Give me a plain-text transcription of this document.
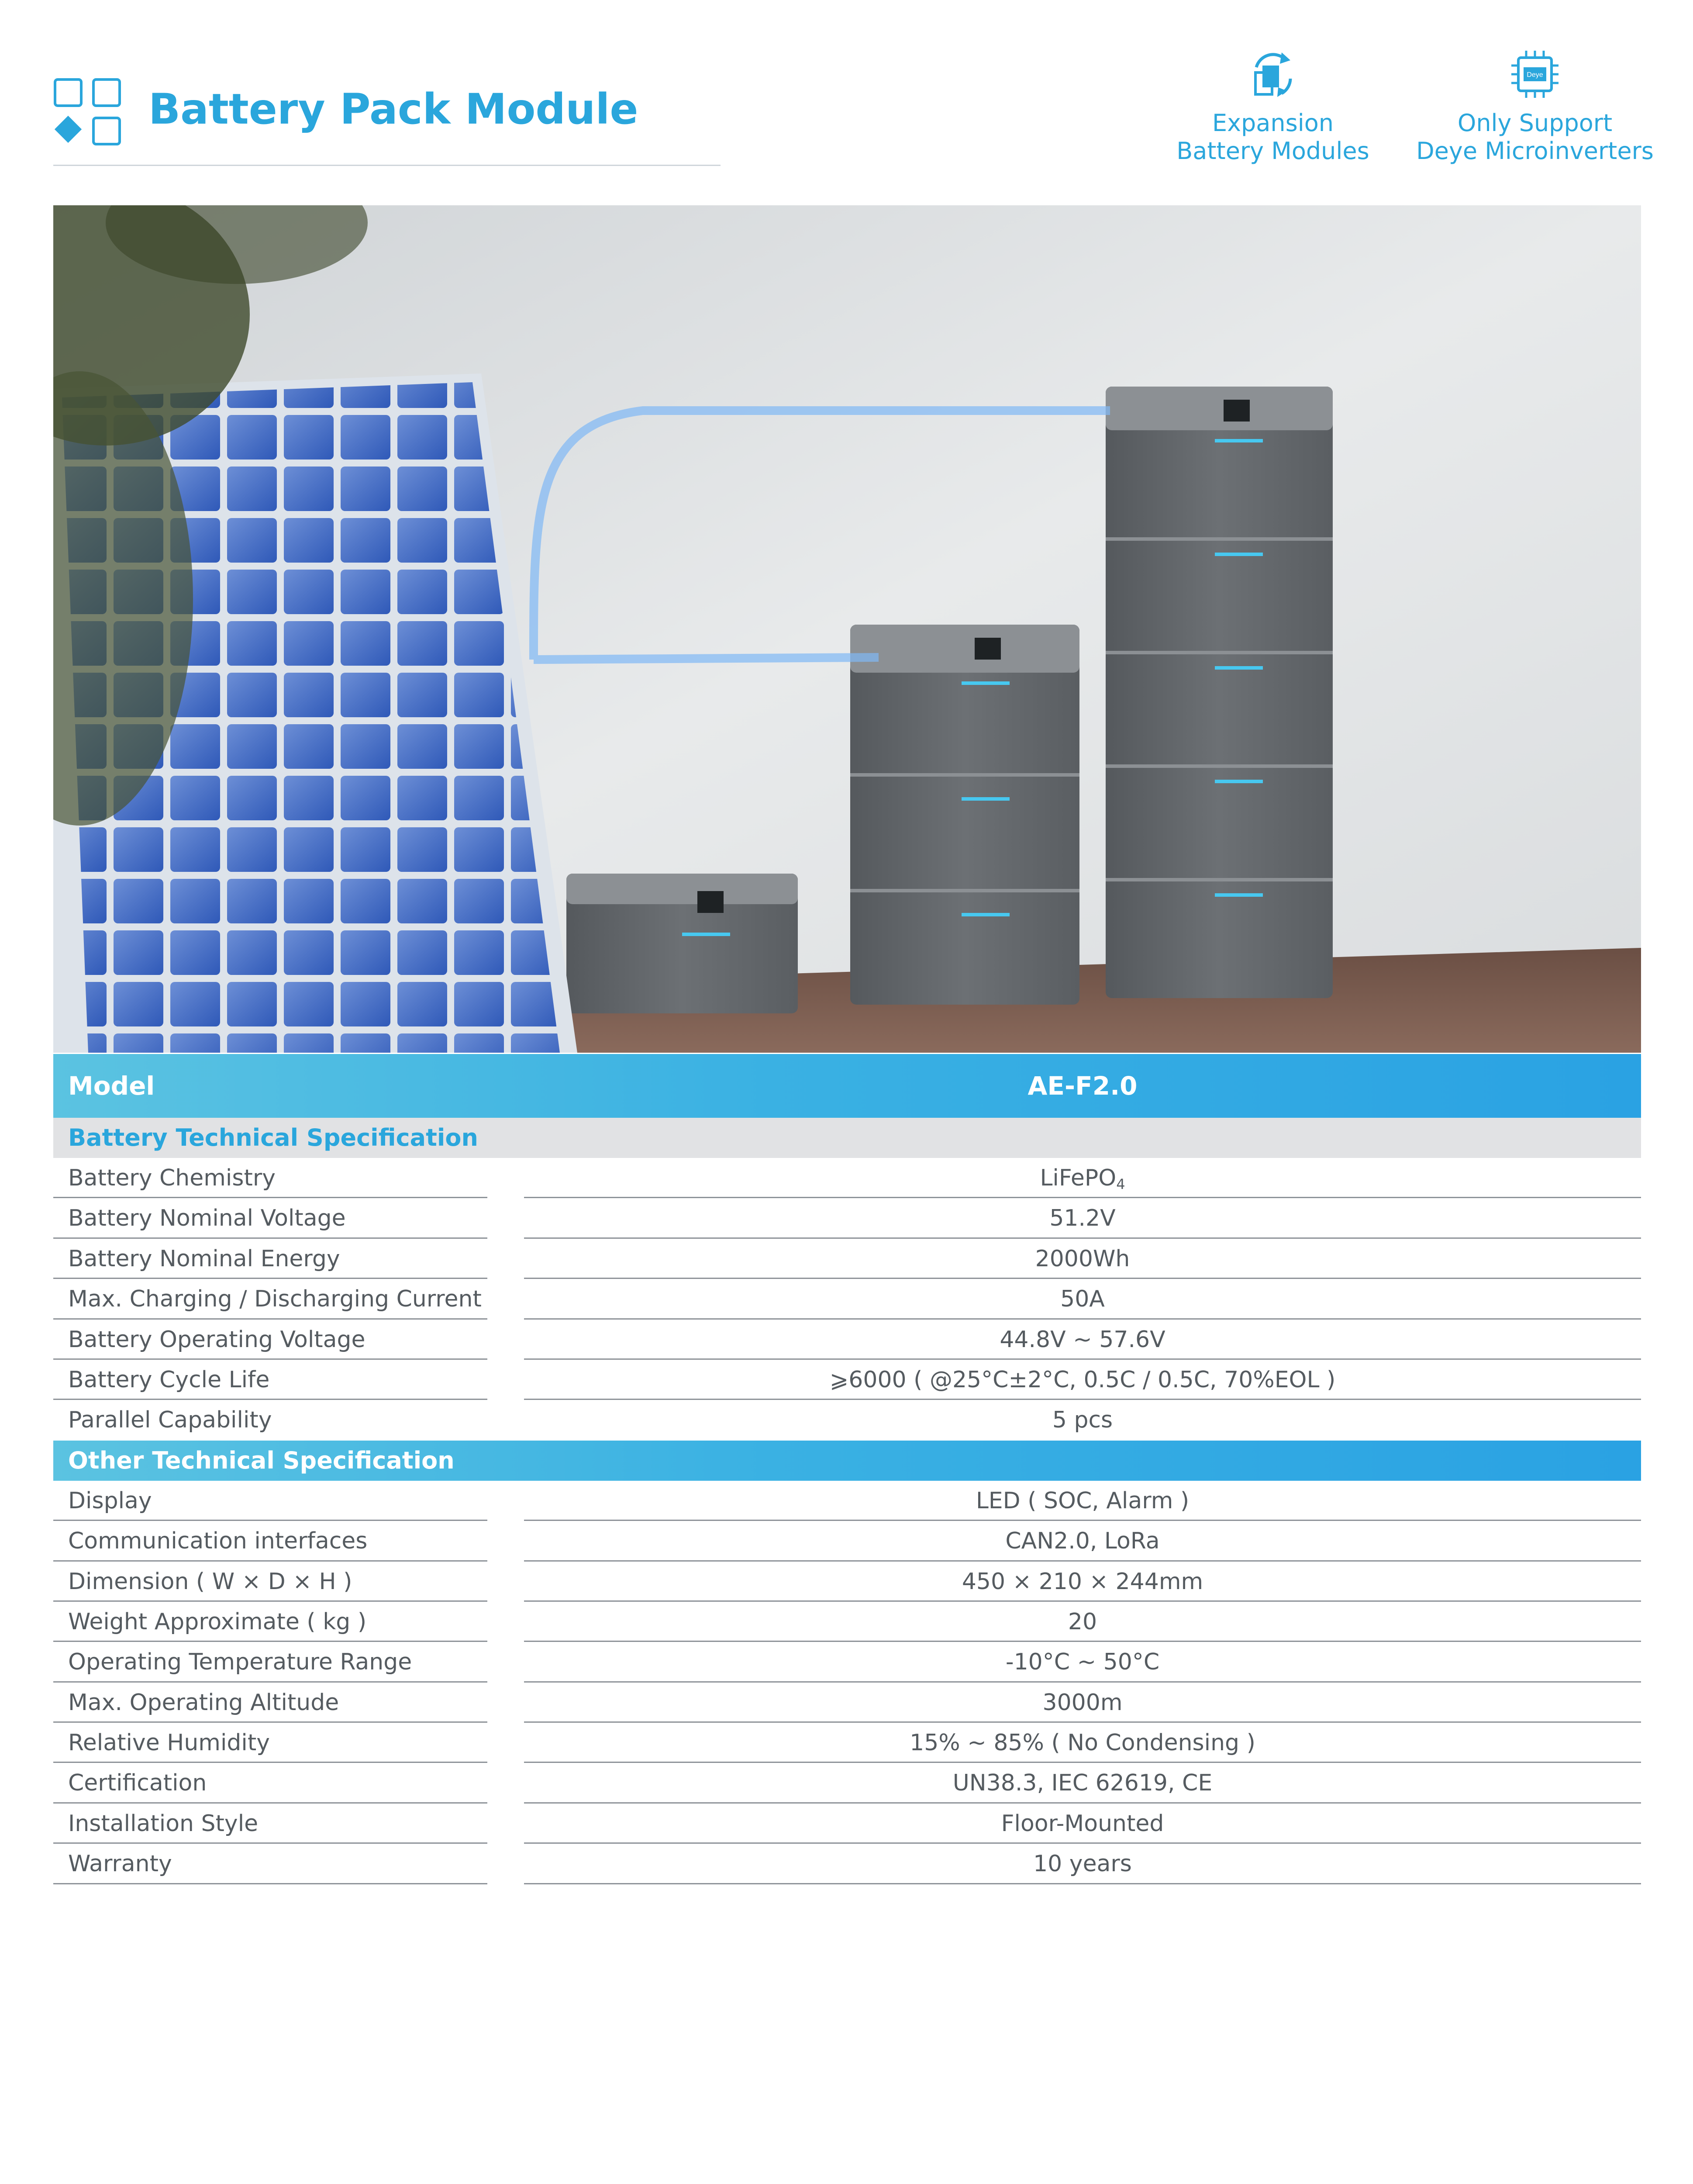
Battery Pack Module	Expansion
Battery Modules
Deye
Only Support
Deye Microinverters
Model	AE-F2.0
Battery Technical Specification
Battery Chemistry	LiFePO$_4$
Battery Nominal Voltage	51.2V
Battery Nominal Energy	2000Wh
Max. Charging / Discharging Current	50A
Battery Operating Voltage	44.8V ~ 57.6V
Battery Cycle Life	⩾6000 ( @25°C±2°C, 0.5C / 0.5C, 70%EOL )
Parallel Capability	5 pcs
Other Technical Specification
Display	LED ( SOC, Alarm )
Communication interfaces	CAN2.0, LoRa
Dimension ( W × D × H )	450 × 210 × 244mm
Weight Approximate ( kg )	20
Operating Temperature Range	-10°C ~ 50°C
Max. Operating Altitude	3000m
Relative Humidity	15% ~ 85% ( No Condensing )
Certification	UN38.3, IEC 62619, CE
Installation Style	Floor-Mounted
Warranty	10 years
